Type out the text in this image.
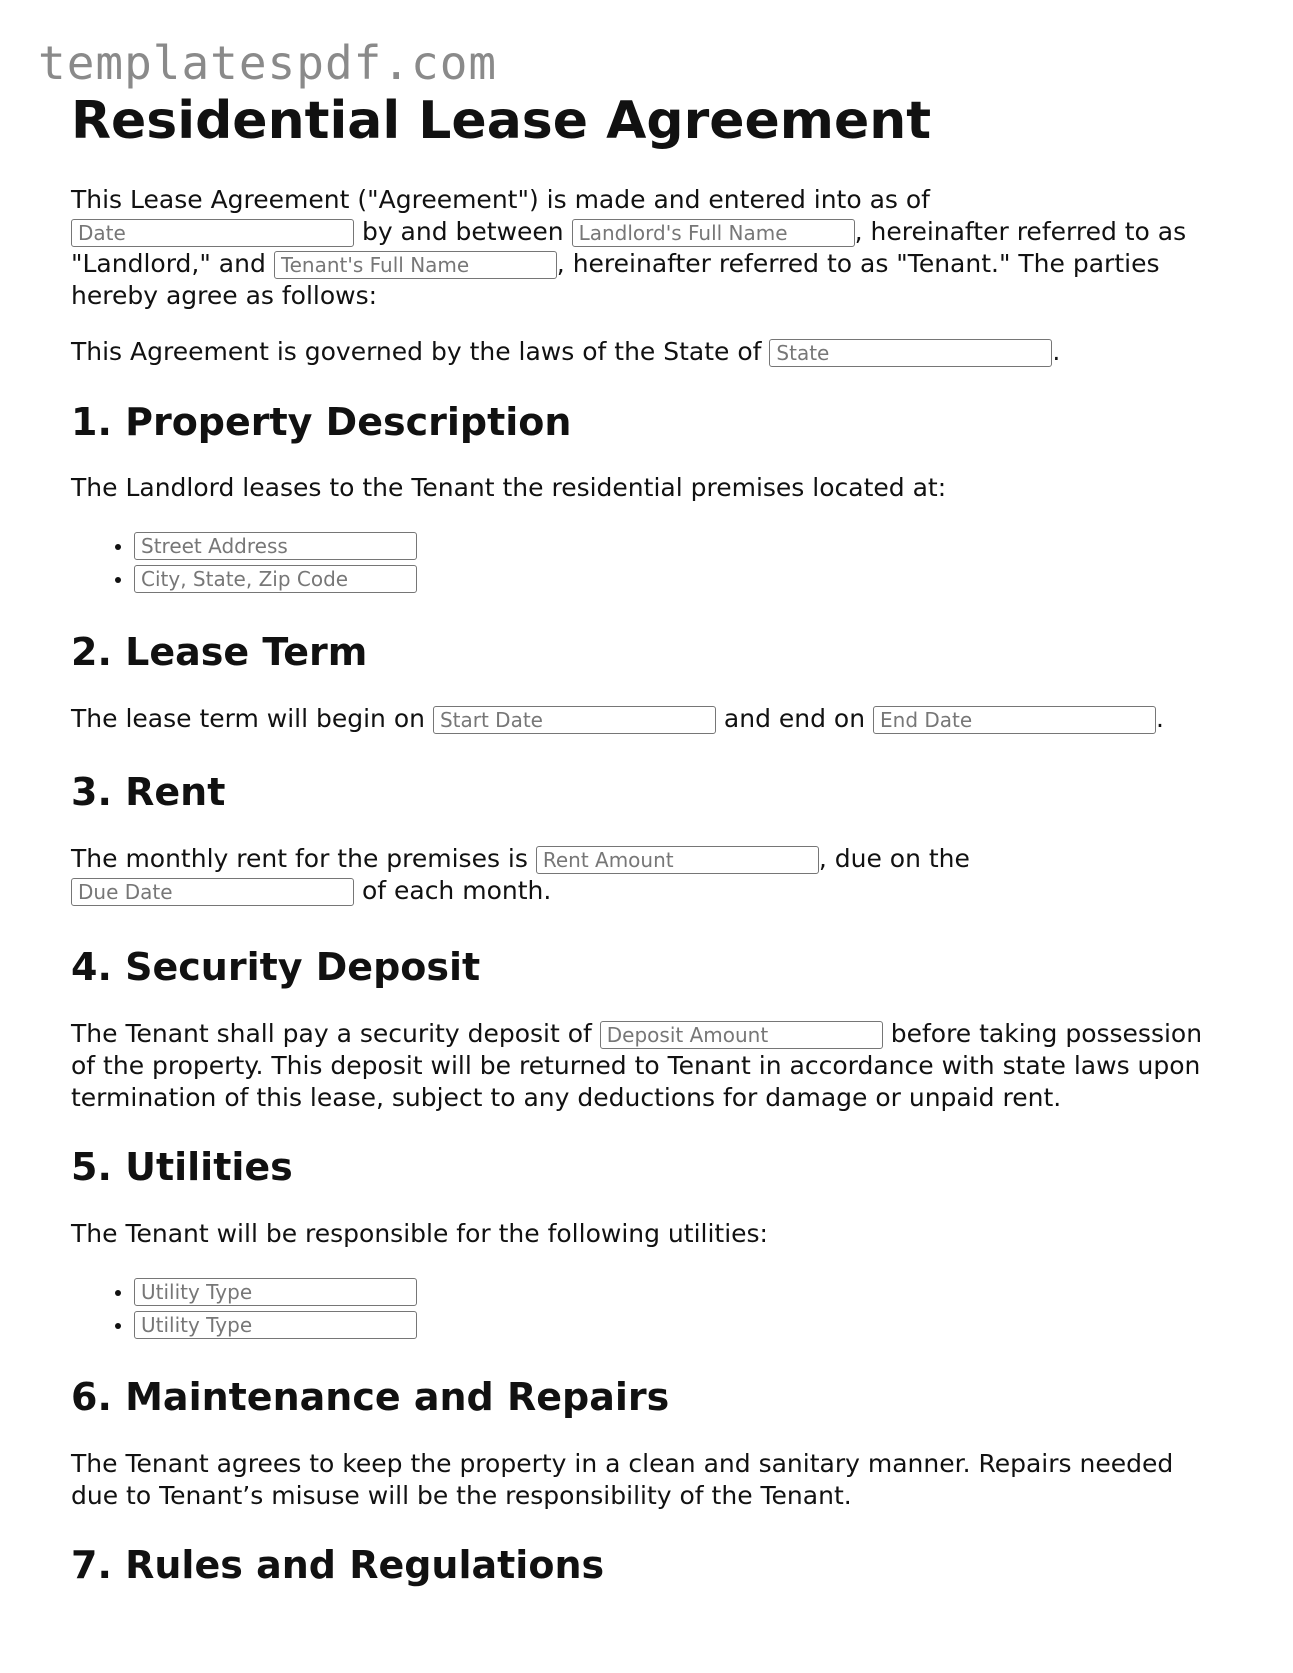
templatespdf.com
Residential Lease Agreement

This Lease Agreement ("Agreement") is made and entered into as of
Date by and between Landlord's Full Name	, hereinafter referred to as "Landlord," and Tenant's Full Name	, hereinafter referred to as "Tenant." The parties hereby agree as follows:

This Agreement is governed by the laws of the State of State	.

1. Property Description

The Landlord leases to the Tenant the residential premises located at:

• Street Address
• City, State, Zip Code
2. Lease Term

The lease term will begin on Start Date	and end on End Date	.

3. Rent

The monthly rent for the premises is Rent Amount	, due on the
Due Date of each month.

4. Security Deposit

The Tenant shall pay a security deposit of Deposit Amount	before taking possession of the property. This deposit will be returned to Tenant in accordance with state laws upon termination of this lease, subject to any deductions for damage or unpaid rent.

5. Utilities

The Tenant will be responsible for the following utilities:

• Utility Type
• Utility Type
6. Maintenance and Repairs

The Tenant agrees to keep the property in a clean and sanitary manner. Repairs needed due to Tenant’s misuse will be the responsibility of the Tenant.

7. Rules and Regulations
